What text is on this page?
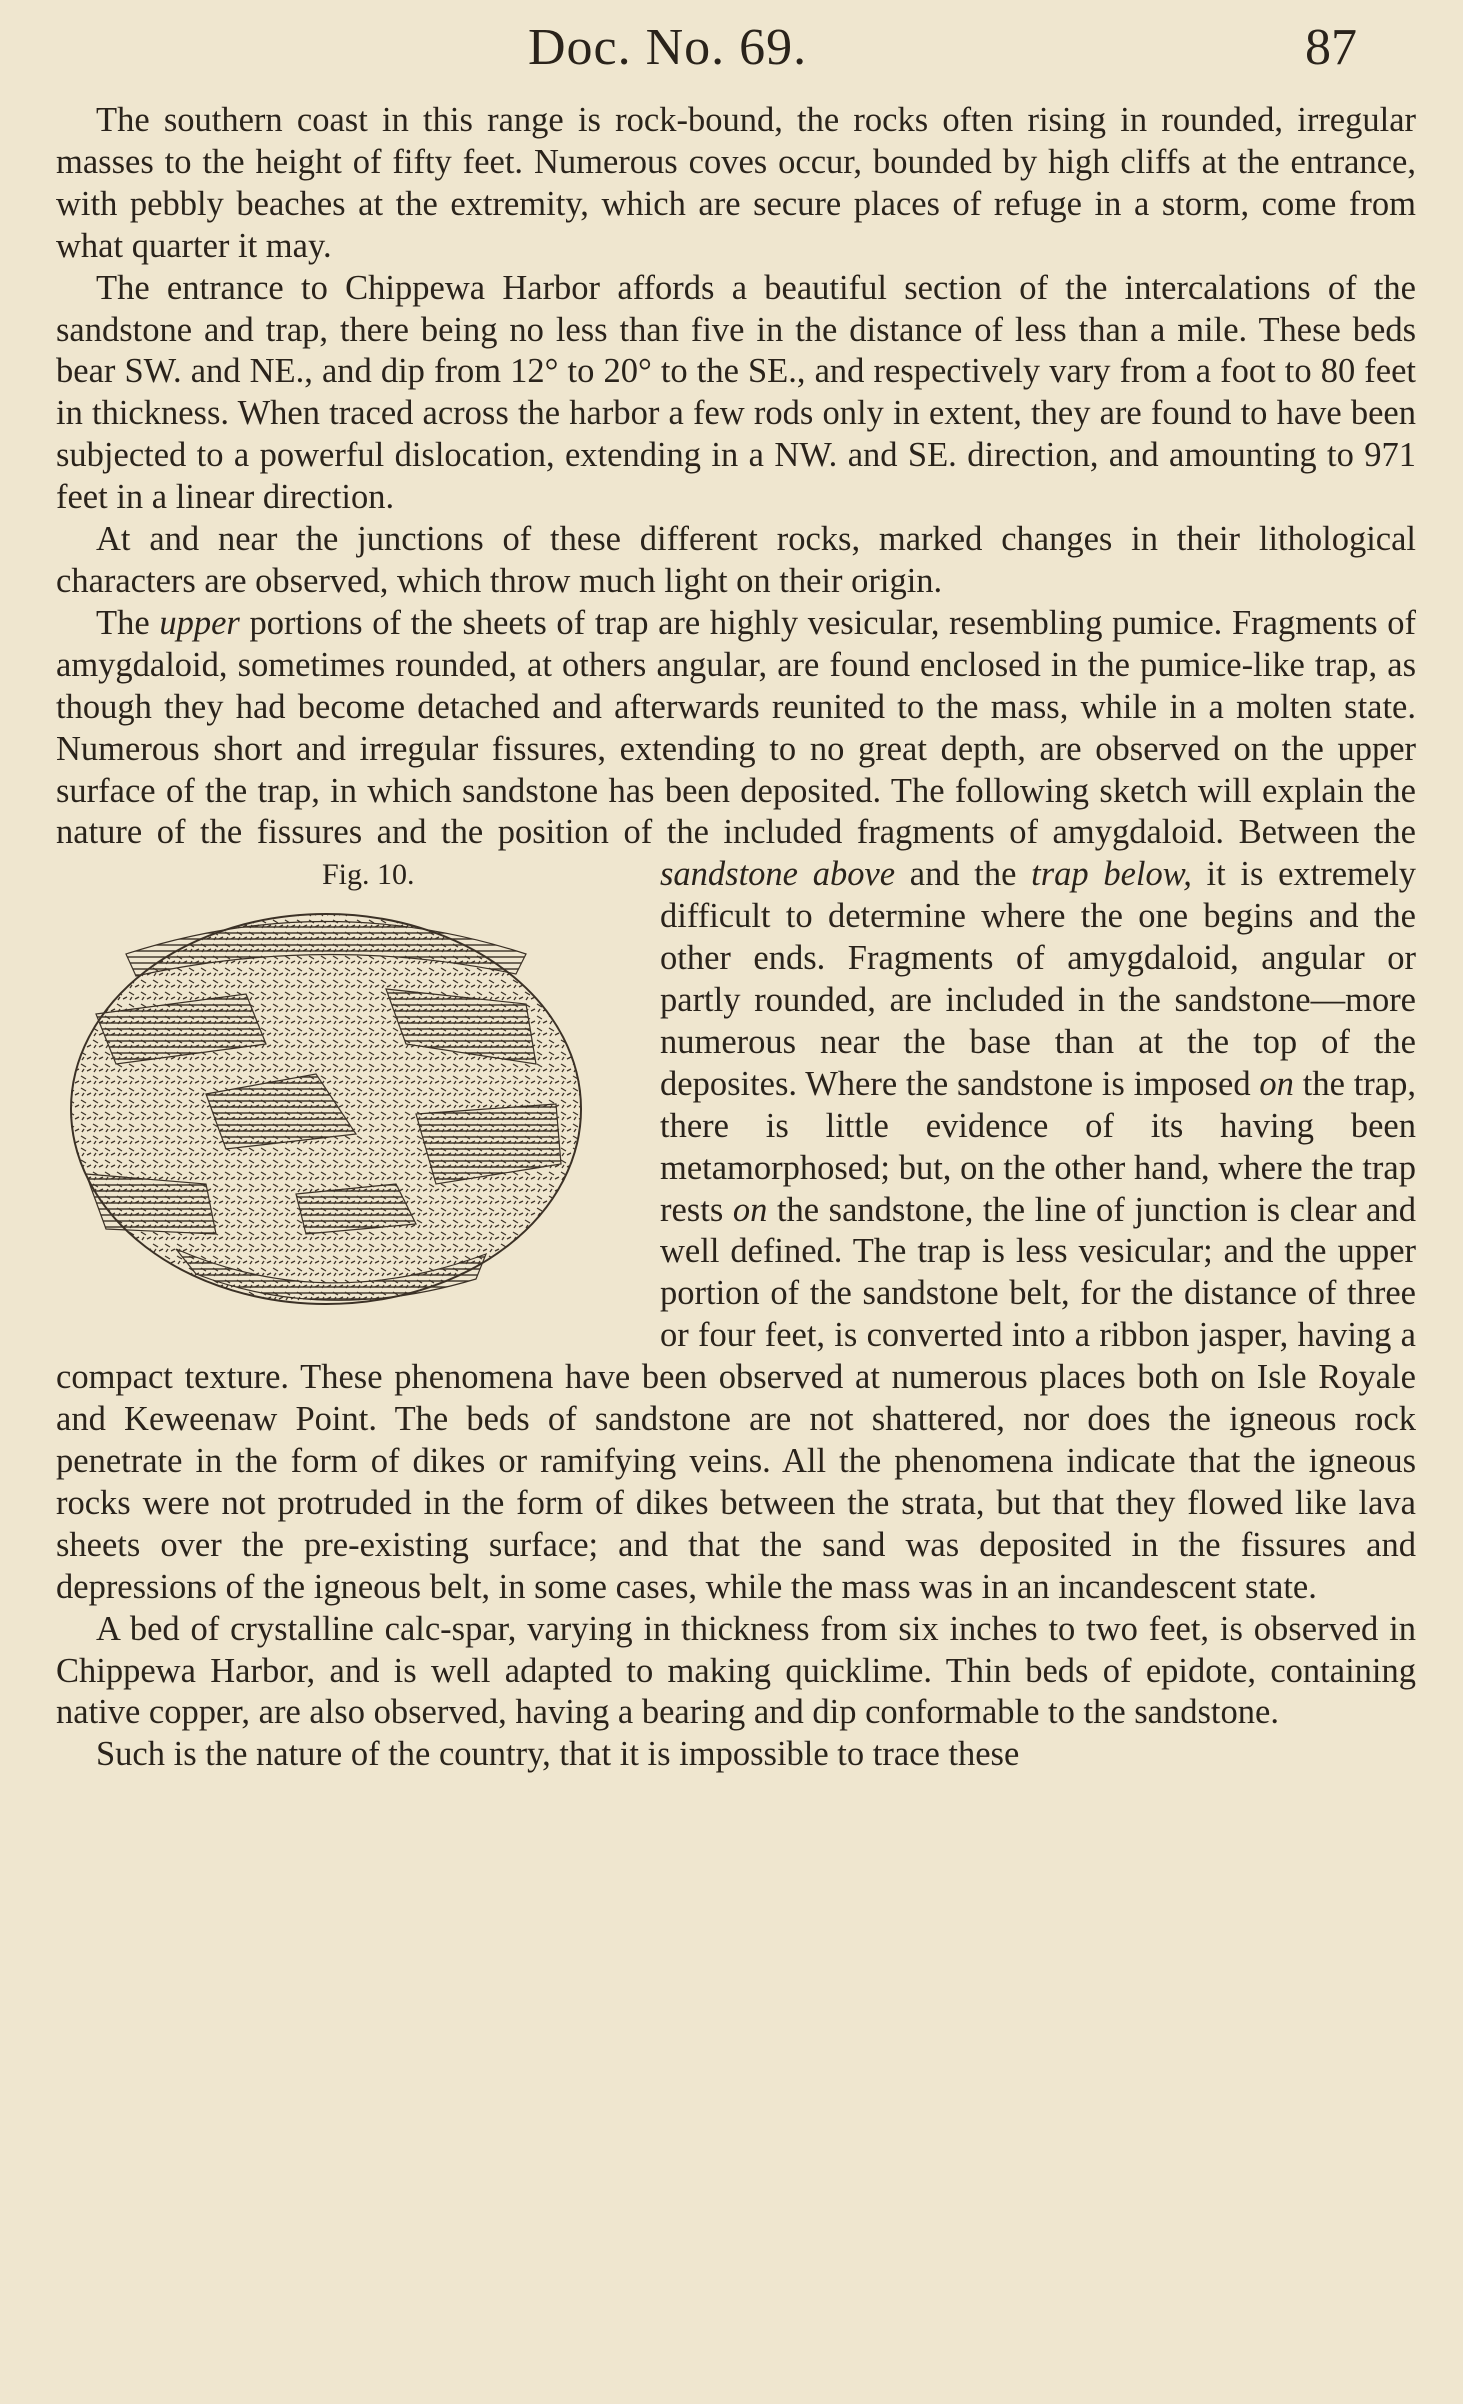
Doc. No. 69.	87

The southern coast in this range is rock-bound, the rocks often rising in rounded, irregular masses to the height of fifty feet. Numerous coves occur, bounded by high cliffs at the entrance, with pebbly beaches at the extremity, which are secure places of refuge in a storm, come from what quarter it may.

The entrance to Chippewa Harbor affords a beautiful section of the intercalations of the sandstone and trap, there being no less than five in the distance of less than a mile. These beds bear SW. and NE., and dip from 12° to 20° to the SE., and respectively vary from a foot to 80 feet in thickness. When traced across the harbor a few rods only in extent, they are found to have been subjected to a powerful dislocation, extending in a NW. and SE. direction, and amounting to 971 feet in a linear direction.

At and near the junctions of these different rocks, marked changes in their lithological characters are observed, which throw much light on their origin.

The upper portions of the sheets of trap are highly vesicular, resembling pumice. Fragments of amygdaloid, sometimes rounded, at others angular, are found enclosed in the pumice-like trap, as though they had become detached and afterwards reunited to the mass, while in a molten state. Numerous short and irregular fissures, extending to no great depth, are observed on the upper surface of the trap, in which sandstone has been deposited. The following sketch will explain the nature of the fissures and the position of the included fragments of amygdaloid. Between the
Fig. 10.	sandstone above and the trap below, it is extremely difficult to determine where the one begins and the other ends. Fragments of amygdaloid, angular or partly rounded, are included in the sandstone—more numerous near the base than at the top of the deposites. Where the sandstone is imposed on the trap, there is little evidence of its having been metamorphosed; but, on the other hand, where the trap rests on the sandstone, the line of junction is clear and well defined. The trap is less vesicular; and the upper portion of the sandstone belt, for the distance of three or four feet, is converted into a ribbon jasper, having a compact texture. These phenomena have been observed at numerous places both on Isle Royale and Keweenaw Point. The beds of sandstone are not shattered, nor does the igneous rock penetrate in the form of dikes or ramifying veins. All the phenomena indicate that the igneous rocks were not protruded in the form of dikes between the strata, but that they flowed like lava sheets over the pre-existing surface; and that the sand was deposited in the fissures and depressions of the igneous belt, in some cases, while the mass was in an incandescent state.

A bed of crystalline calc-spar, varying in thickness from six inches to two feet, is observed in Chippewa Harbor, and is well adapted to making quicklime. Thin beds of epidote, containing native copper, are also observed, having a bearing and dip conformable to the sandstone.

Such is the nature of the country, that it is impossible to trace these
